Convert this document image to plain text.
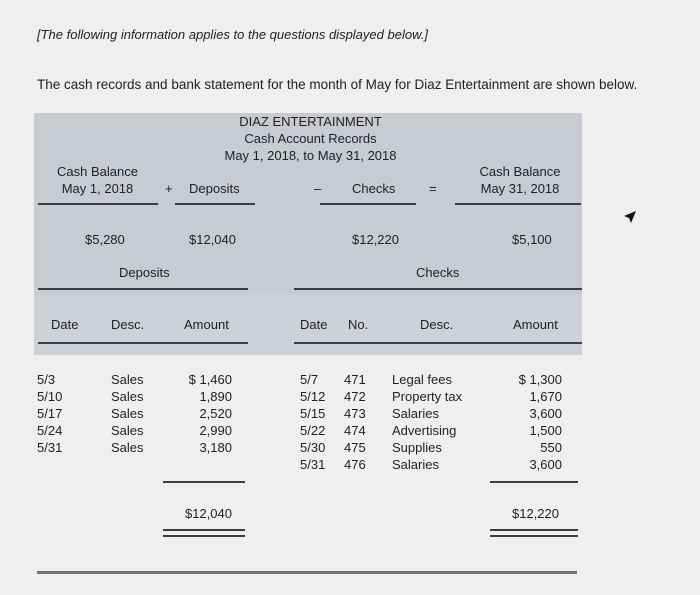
[The following information applies to the questions displayed below.]
The cash records and bank statement for the month of May for Diaz Entertainment are shown below.
DIAZ ENTERTAINMENT
Cash Account Records
May 1, 2018, to May 31, 2018
Cash Balance
May 1, 2018	+ Deposits	– Checks	=
Cash Balance
May 31, 2018
$5,280	$12,040	$12,220	$5,100
Deposits	Checks
Date	Desc.	Amount	Date No.	Desc.	Amount
5/3	Sales	$ 1,460
5/10	Sales	1,890
5/17	Sales	2,520
5/24	Sales	2,990
5/31	Sales	3,180
5/7 471 Legal fees	$ 1,300
5/12 472 Property tax	1,670
5/15 473 Salaries	3,600
5/22 474 Advertising	1,500
5/30 475 Supplies	550
5/31 476 Salaries	3,600
$12,040	$12,220
